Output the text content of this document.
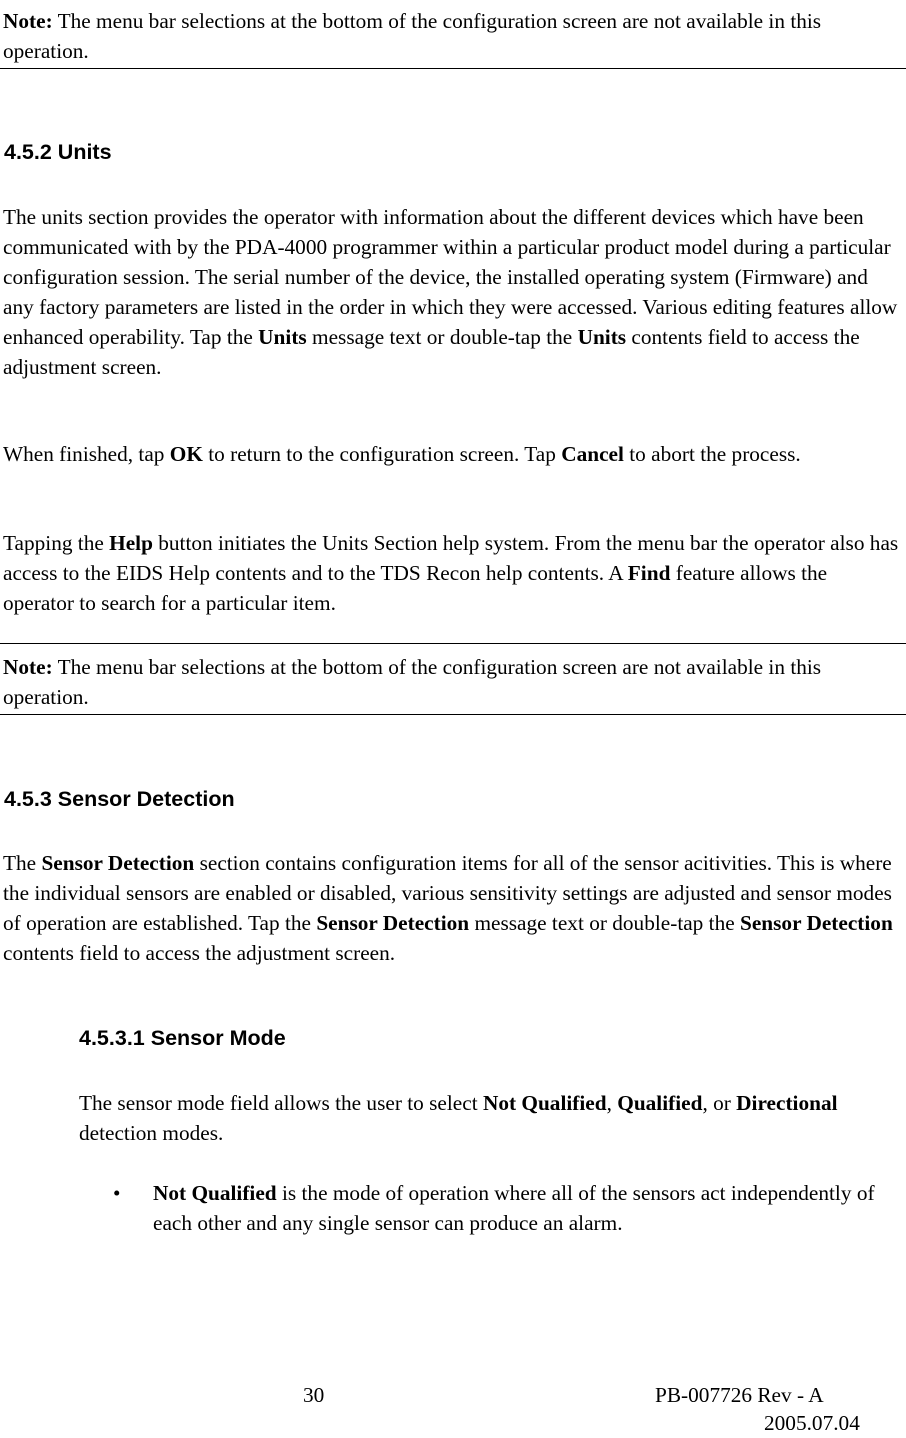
Note: The menu bar selections at the bottom of the configuration screen are not available in this operation.
4.5.2 Units
The units section provides the operator with information about the different devices which have been communicated with by the PDA-4000 programmer within a particular product model during a particular configuration session. The serial number of the device, the installed operating system (Firmware) and any factory parameters are listed in the order in which they were accessed. Various editing features allow enhanced operability. Tap the Units message text or double-tap the Units contents field to access the adjustment screen.
When finished, tap OK to return to the configuration screen. Tap Cancel to abort the process.
Tapping the Help button initiates the Units Section help system. From the menu bar the operator also has access to the EIDS Help contents and to the TDS Recon help contents. A Find feature allows the operator to search for a particular item.
Note: The menu bar selections at the bottom of the configuration screen are not available in this operation.
4.5.3 Sensor Detection
The Sensor Detection section contains configuration items for all of the sensor acitivities. This is where the individual sensors are enabled or disabled, various sensitivity settings are adjusted and sensor modes of operation are established. Tap the Sensor Detection message text or double-tap the Sensor Detection contents field to access the adjustment screen.
4.5.3.1 Sensor Mode
The sensor mode field allows the user to select Not Qualified, Qualified, or Directional detection modes.
• Not Qualified is the mode of operation where all of the sensors act independently of each other and any single sensor can produce an alarm.
30	PB-007726 Rev - A
2005.07.04
